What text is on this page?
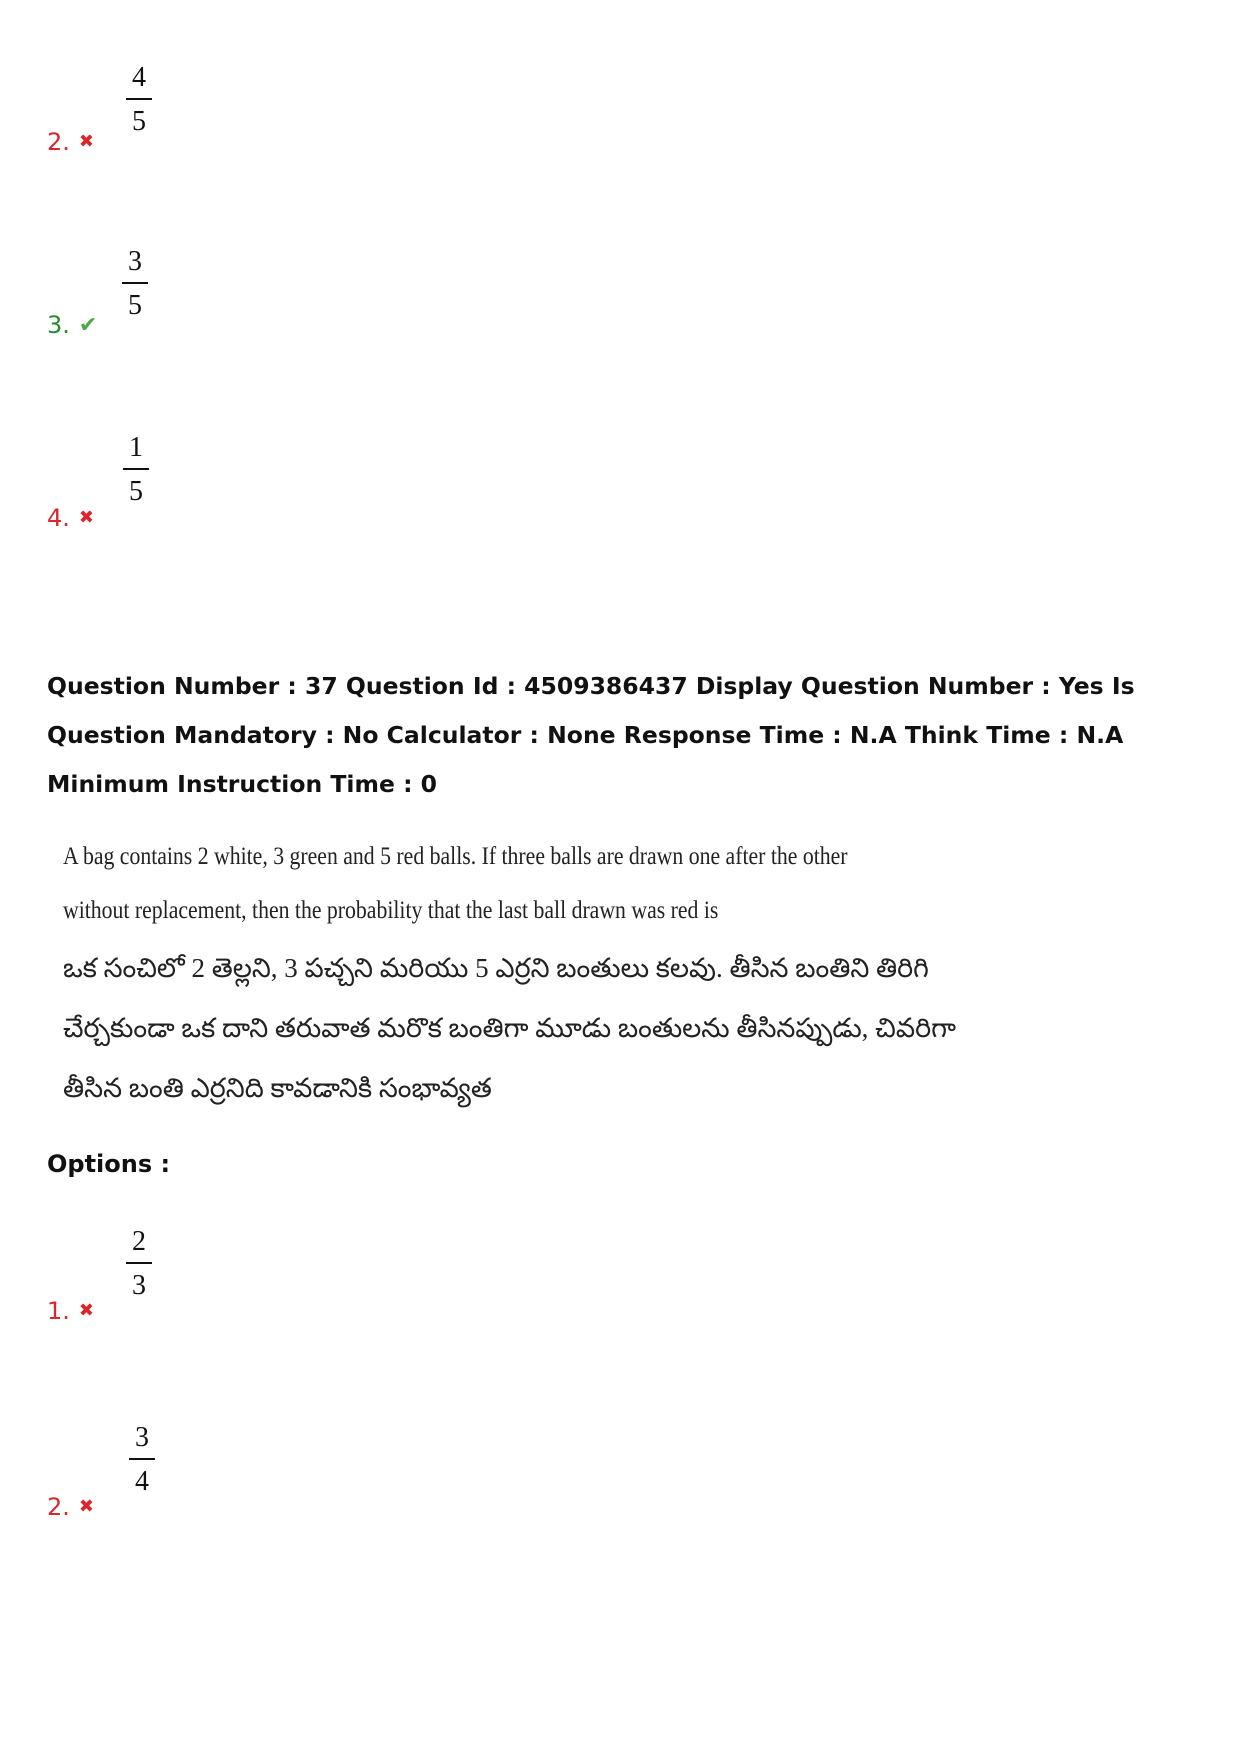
4
5
2. ✖
3
5
3. ✔
1
5
4. ✖
Question Number : 37 Question Id : 4509386437 Display Question Number : Yes Is Question Mandatory : No Calculator : None Response Time : N.A Think Time : N.A Minimum Instruction Time : 0
A bag contains 2 white, 3 green and 5 red balls. If three balls are drawn one after the other
without replacement, then the probability that the last ball drawn was red is
ఒక సంచిలో 2 తెల్లని, 3 పచ్చని మరియు 5 ఎర్రని బంతులు కలవు. తీసిన బంతిని తిరిగి
చేర్చకుండా ఒక దాని తరువాత మరొక బంతిగా మూడు బంతులను తీసినప్పుడు, చివరిగా
తీసిన బంతి ఎర్రనిది కావడానికి సంభావ్యత
Options :
2
3
1. ✖
3
4
2. ✖
